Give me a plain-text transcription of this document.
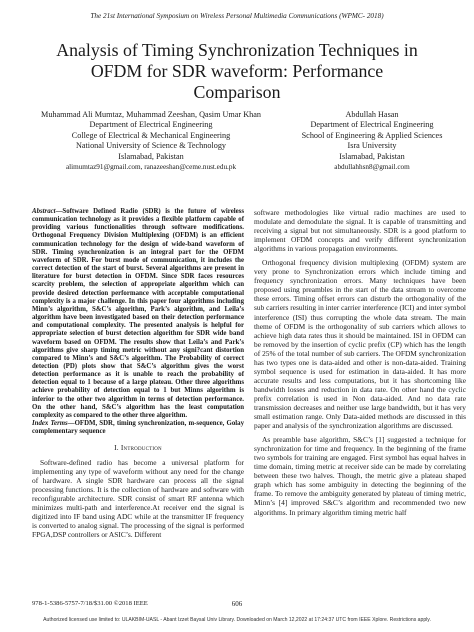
The 21st International Symposium on Wireless Personal Multimedia Communications (WPMC- 2018)
Analysis of Timing Synchronization Techniques in
OFDM for SDR waveform: Performance
Comparison
Muhammad Ali Mumtaz, Muhammad Zeeshan, Qasim Umar Khan
Department of Electrical Engineering
College of Electrical & Mechanical Engineering
National University of Science & Technology
Islamabad, Pakistan
alimumtaz91@gmail.com, ranazeeshan@ceme.nust.edu.pk
Abdullah Hasan
Department of Electrical Engineering
School of Engineering & Applied Sciences
Isra University
Islamabad, Pakistan
abdullahhsn8@gmail.com

Abstract—Software Defined Radio (SDR) is the future of wireless communication technology as it provides a flexible platform capable of providing various functionalities through software modifications. Orthogonal Frequency Division Multiplexing (OFDM) is an efficient communication technology for the design of wide-band waveform of SDR. Timing synchronization is an integral part for the OFDM waveform of SDR. For burst mode of communication, it includes the correct detection of the start of burst. Several algorithms are present in literature for burst detection in OFDM. Since SDR faces resources scarcity problem, the selection of appropriate algorithm which can provide desired detection performance with acceptable computational complexity is a major challenge. In this paper four algorithms including Minn’s algorithm, S&C’s algorithm, Park’s algorithm, and Leila’s algorithm have been investigated based on their detection performance and computational complexity. The presented analysis is helpful for appropriate selection of burst detection algorithm for SDR wide band waveform based on OFDM. The results show that Leila’s and Park’s algorithms give sharp timing metric without any signi?cant distortion compared to Minn’s and S&C’s algorithm. The Probability of correct detection (PD) plots show that S&C’s algorithm gives the worst detection performance as it is unable to reach the probability of detection equal to 1 because of a large plateau. Other three algorithms achieve probability of detection equal to 1 but Minns algorithm is inferior to the other two algorithm in terms of detection performance. On the other hand, S&C’s algorithm has the least computation complexity as compared to the other three algorithm.

Index Terms—OFDM, SDR, timing synchronization, m-sequence, Golay complementary sequence

I. Introduction

Software-defined radio has become a universal platform for implementing any type of waveform without any need for the change of hardware. A single SDR hardware can process all the signal processing functions. It is the collection of hardware and software with reconfigurable architecture. SDR consist of smart RF antenna which minimizes multi-path and interference.At receiver end the signal is digitized into IF band using ADC while at the transmitter IF frequency is converted to analog signal. The processing of the signal is performed FPGA,DSP controllers or ASIC’s. Different

software methodologies like virtual radio machines are used to modulate and demodulate the signal. It is capable of transmitting and receiving a signal but not simultaneously. SDR is a good platform to implement OFDM concepts and verify different synchronization algorithms in various propagation environments.

Orthogonal frequency division multiplexing (OFDM) system are very prone to Synchronization errors which include timing and frequency synchronization errors. Many techniques have been proposed using preambles in the start of the data stream to overcome these errors. Timing offset errors can disturb the orthogonality of the sub carriers resulting in inter carrier interference (ICI) and inter symbol interference (ISI) thus corrupting the whole data stream. The main theme of OFDM is the orthogonality of sub carriers which allows to achieve high data rates thus it should be maintained. ISI in OFDM can be removed by the insertion of cyclic prefix (CP) which has the length of 25% of the total number of sub carriers. The OFDM synchronization has two types one is data-aided and other is non-data-aided. Training symbol sequence is used for estimation in data-aided. It has more accurate results and less computations, but it has shortcoming like bandwidth losses and reduction in data rate. On other hand the cyclic prefix correlation is used in Non data-aided. And no data rate transmission decreases and neither use large bandwidth, but it has very small estimation range. Only Data-aided methods are discussed in this paper and analysis of the synchronization algorithms are discussed.

As preamble base algorithm, S&C’s [1] suggested a technique for synchronization for time and frequency. In the beginning of the frame two symbols for training are engaged. First symbol has equal halves in time domain, timing metric at receiver side can be made by correlating between these two halves. Though, the metric give a plateau shaped graph which has some ambiguity in detecting the beginning of the frame. To remove the ambiguity generated by plateau of timing metric, Minn’s [4] improved S&C’s algorithm and recommended two new algorithms. In primary algorithm timing metric half

978-1-5386-5757-7/18/$31.00 ©2018 IEEE	606
Authorized licensed use limited to: ULAKBIM-UASL - Abant Izzet Baysal Univ Library. Downloaded on March 12,2022 at 17:24:37 UTC from IEEE Xplore. Restrictions apply.
